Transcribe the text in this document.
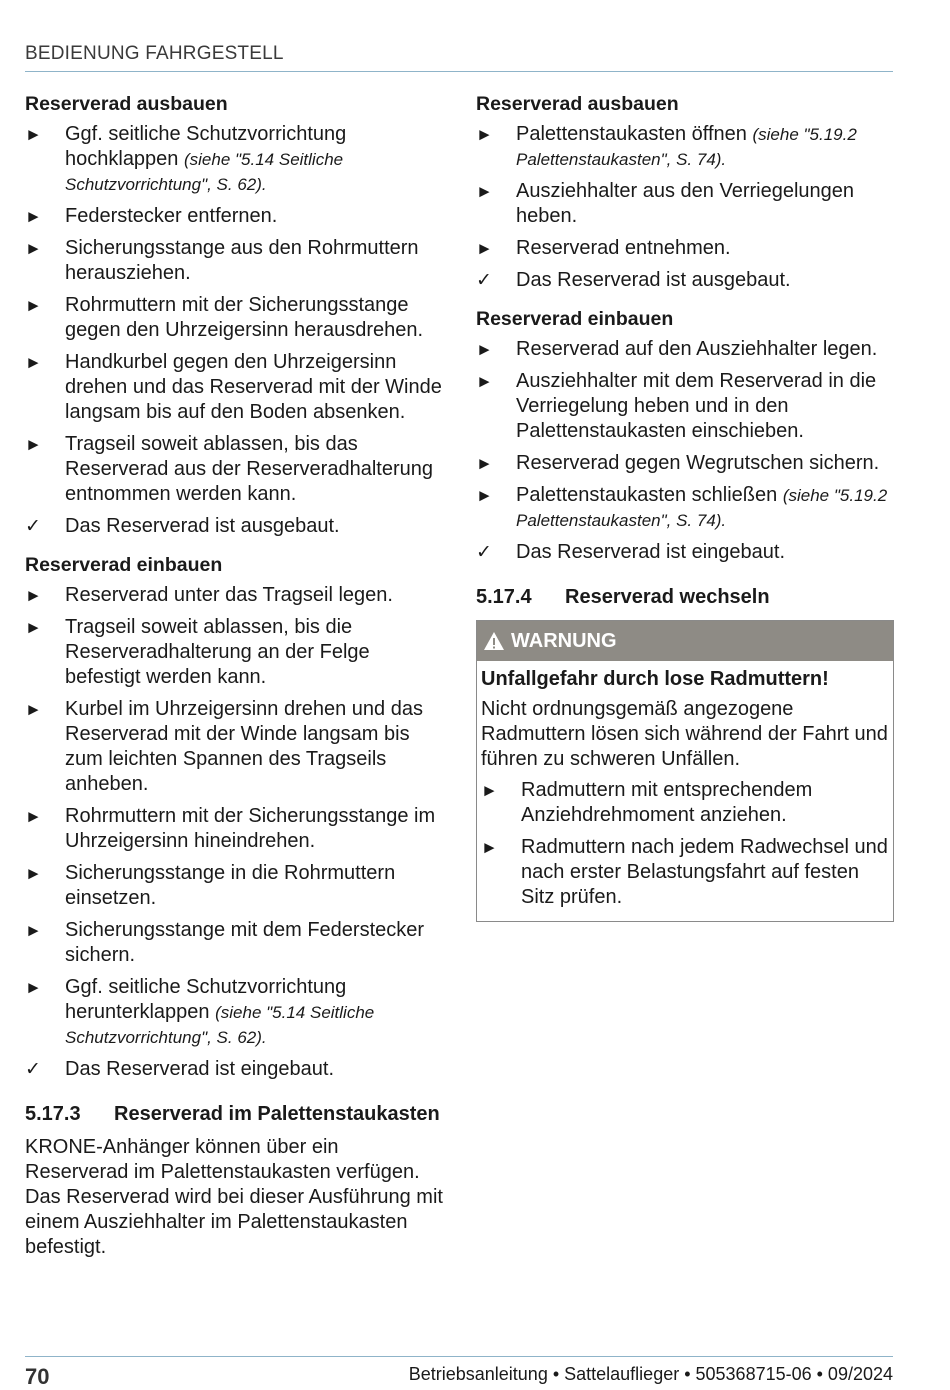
BEDIENUNG FAHRGESTELL
Reserverad ausbauen
►	Ggf. seitliche Schutzvorrichtung hochklappen (siehe "5.14 Seitliche Schutzvorrichtung", S. 62).
►	Federstecker entfernen.
►	Sicherungsstange aus den Rohrmuttern herausziehen.
►	Rohrmuttern mit der Sicherungsstange gegen den Uhrzeigersinn herausdrehen.
►	Handkurbel gegen den Uhrzeigersinn drehen und das Reserverad mit der Winde langsam bis auf den Boden absenken.
►	Tragseil soweit ablassen, bis das Reserverad aus der Reserveradhalterung entnommen werden kann.
✓	Das Reserverad ist ausgebaut.
Reserverad einbauen
►	Reserverad unter das Tragseil legen.
►	Tragseil soweit ablassen, bis die Reserveradhalterung an der Felge befestigt werden kann.
►	Kurbel im Uhrzeigersinn drehen und das Reserverad mit der Winde langsam bis zum leichten Spannen des Tragseils anheben.
►	Rohrmuttern mit der Sicherungsstange im Uhrzeigersinn hineindrehen.
►	Sicherungsstange in die Rohrmuttern einsetzen.
►	Sicherungsstange mit dem Federstecker sichern.
►	Ggf. seitliche Schutzvorrichtung herunterklappen (siehe "5.14 Seitliche Schutzvorrichtung", S. 62).
✓	Das Reserverad ist eingebaut.
5.17.3	Reserverad im Palettenstaukasten

KRONE-Anhänger können über ein Reserverad im Palettenstaukasten verfügen. Das Reserverad wird bei dieser Ausführung mit einem Ausziehhalter im Palettenstaukasten befestigt.

Reserverad ausbauen
►	Palettenstaukasten öffnen (siehe "5.19.2 Palettenstaukasten", S. 74).
►	Ausziehhalter aus den Verriegelungen heben.
►	Reserverad entnehmen.
✓	Das Reserverad ist ausgebaut.
Reserverad einbauen
►	Reserverad auf den Ausziehhalter legen.
►	Ausziehhalter mit dem Reserverad in die Verriegelung heben und in den Palettenstaukasten einschieben.
►	Reserverad gegen Wegrutschen sichern.
►	Palettenstaukasten schließen (siehe "5.19.2 Palettenstaukasten", S. 74).
✓	Das Reserverad ist eingebaut.
5.17.4	Reserverad wechseln
WARNUNG
Unfallgefahr durch lose Radmuttern!

Nicht ordnungsgemäß angezogene Radmuttern lösen sich während der Fahrt und führen zu schweren Unfällen.

►	Radmuttern mit entsprechendem Anziehdrehmoment anziehen.
►	Radmuttern nach jedem Radwechsel und nach erster Belastungsfahrt auf festen Sitz prüfen.
70	Betriebsanleitung • Sattelauflieger • 505368715-06 • 09/2024
